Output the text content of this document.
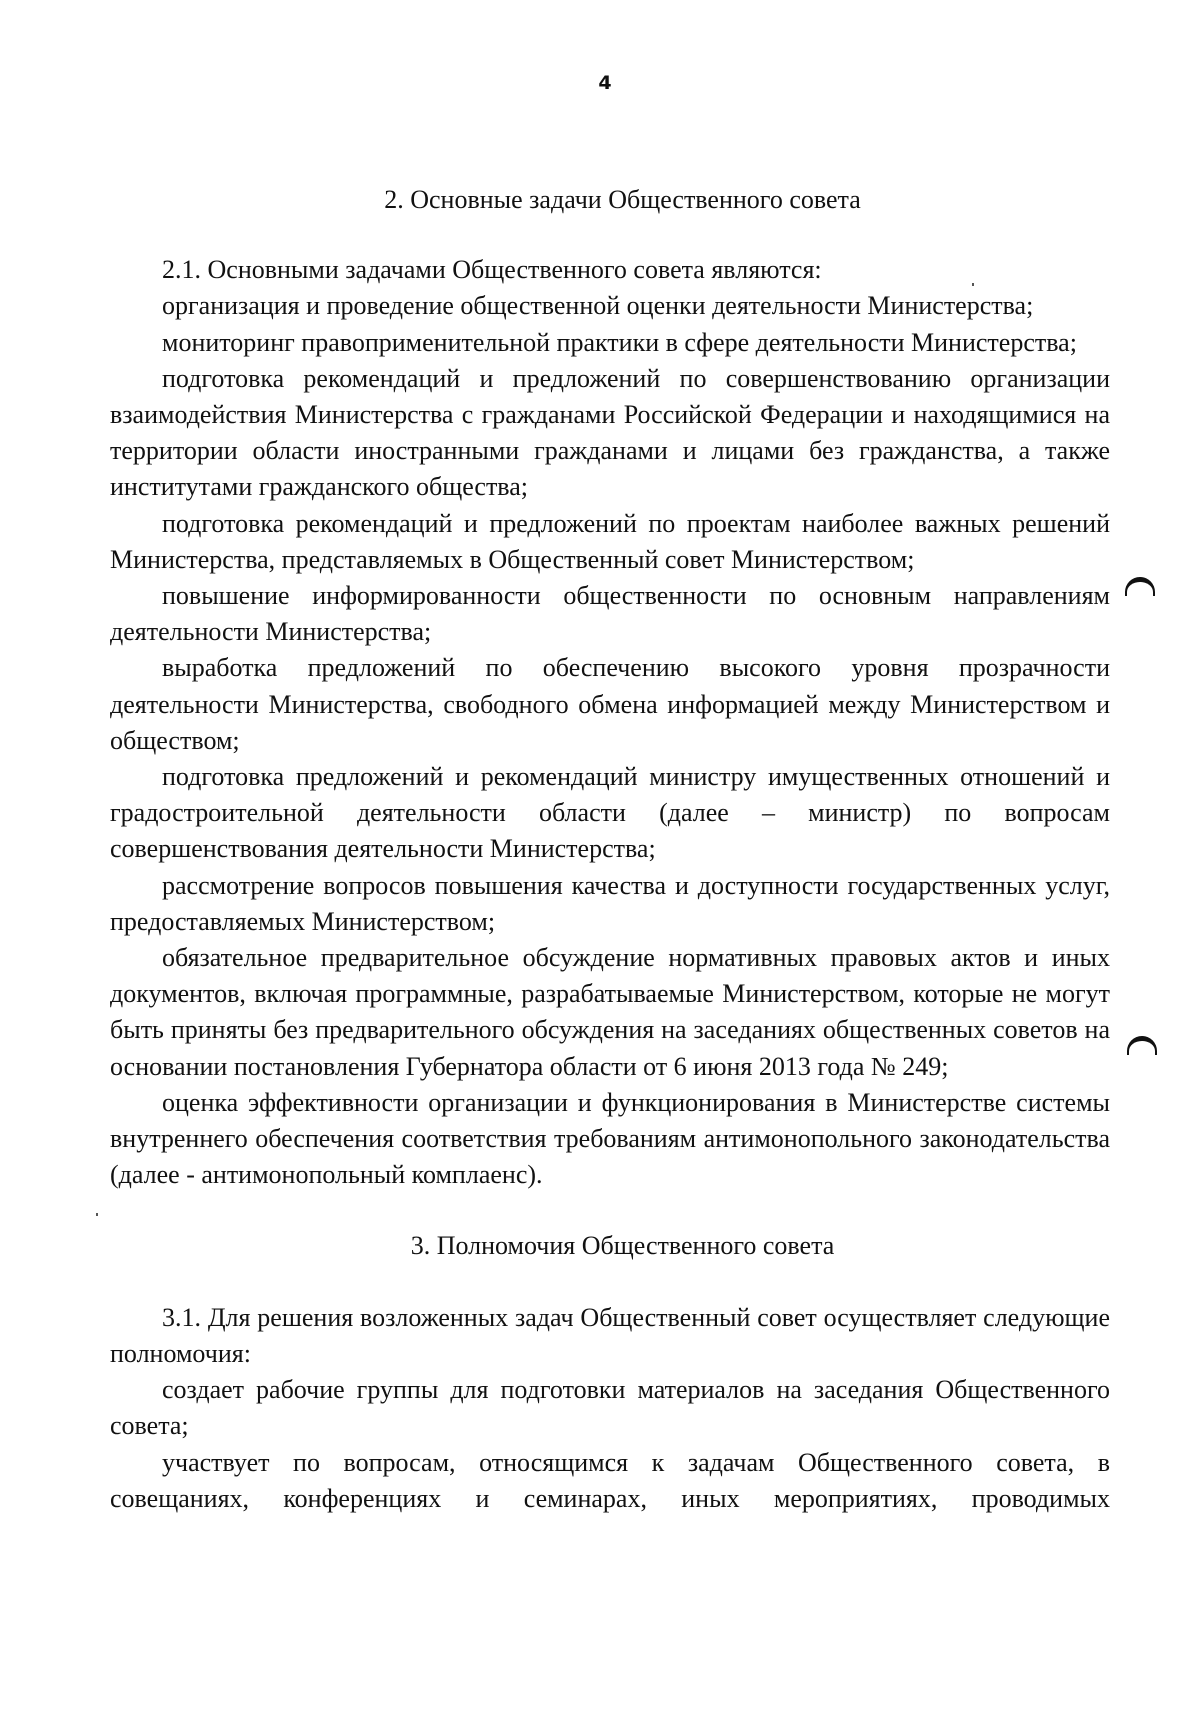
4
2. Основные задачи Общественного совета

2.1. Основными задачами Общественного совета являются:

организация и проведение общественной оценки деятельности Министерства;

мониторинг правоприменительной практики в сфере деятельности Министерства;

подготовка рекомендаций и предложений по совершенствованию организации взаимодействия Министерства с гражданами Российской Федерации и находящимися на территории области иностранными гражданами и лицами без гражданства, а также институтами гражданского общества;

подготовка рекомендаций и предложений по проектам наиболее важных решений Министерства, представляемых в Общественный совет Министерством;

повышение информированности общественности по основным направлениям деятельности Министерства;

выработка предложений по обеспечению высокого уровня прозрачности деятельности Министерства, свободного обмена информацией между Министерством и обществом;

подготовка предложений и рекомендаций министру имущественных отношений и градостроительной деятельности области (далее – министр) по вопросам совершенствования деятельности Министерства;

рассмотрение вопросов повышения качества и доступности государственных услуг, предоставляемых Министерством;

обязательное предварительное обсуждение нормативных правовых актов и иных документов, включая программные, разрабатываемые Министерством, которые не могут быть приняты без предварительного обсуждения на заседаниях общественных советов на основании постановления Губернатора области от 6 июня 2013 года № 249;

оценка эффективности организации и функционирования в Министерстве системы внутреннего обеспечения соответствия требованиям антимонопольного законодательства (далее - антимонопольный комплаенс).

3. Полномочия Общественного совета

3.1. Для решения возложенных задач Общественный совет осуществляет следующие полномочия:

создает рабочие группы для подготовки материалов на заседания Общественного совета;

участвует по вопросам, относящимся к задачам Общественного совета, в совещаниях, конференциях и семинарах, иных мероприятиях, проводимых
